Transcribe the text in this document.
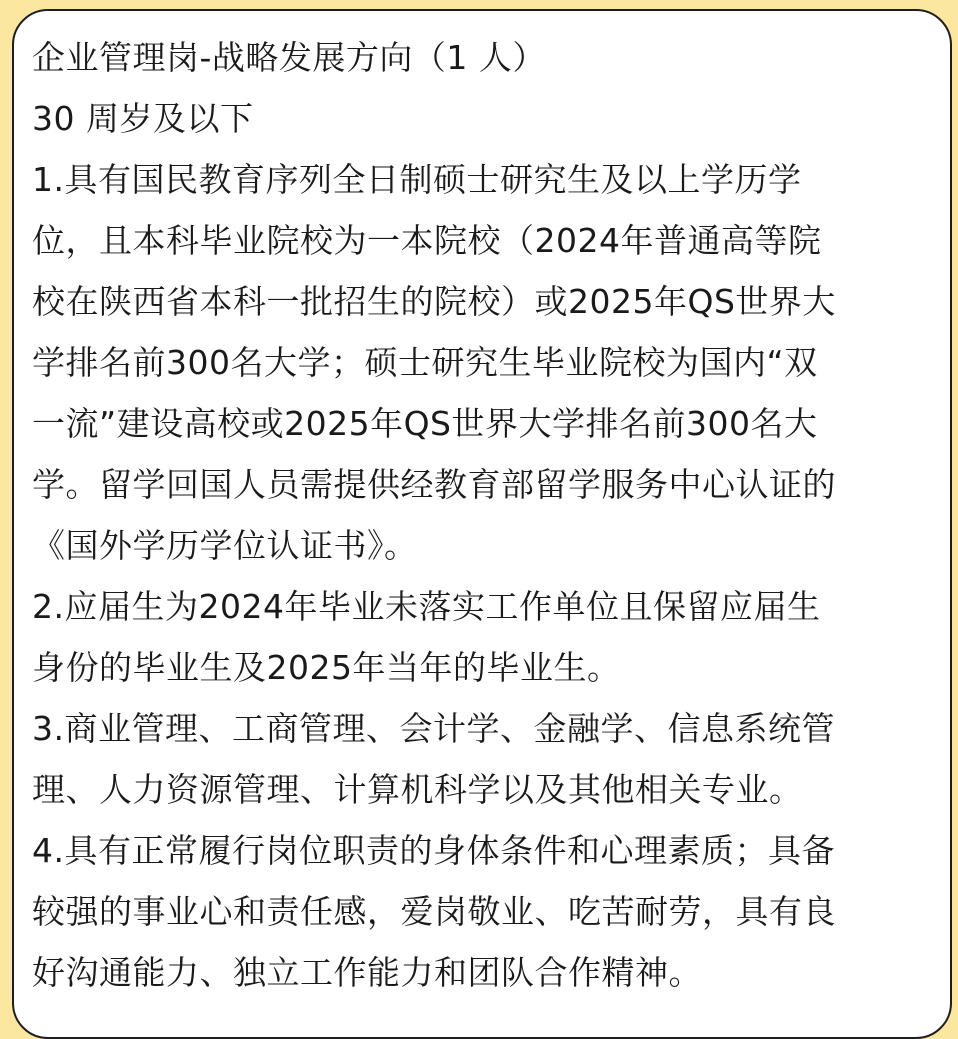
企业管理岗-战略发展方向（1 人）
30 周岁及以下
1.具有国民教育序列全日制硕士研究生及以上学历学
位，且本科毕业院校为一本院校（2024年普通高等院
校在陕西省本科一批招生的院校）或2025年QS世界大
学排名前300名大学；硕士研究生毕业院校为国内“双
一流”建设高校或2025年QS世界大学排名前300名大
学。留学回国人员需提供经教育部留学服务中心认证的
《国外学历学位认证书》。
2.应届生为2024年毕业未落实工作单位且保留应届生
身份的毕业生及2025年当年的毕业生。
3.商业管理、工商管理、会计学、金融学、信息系统管
理、人力资源管理、计算机科学以及其他相关专业。
4.具有正常履行岗位职责的身体条件和心理素质；具备
较强的事业心和责任感，爱岗敬业、吃苦耐劳，具有良
好沟通能力、独立工作能力和团队合作精神。
